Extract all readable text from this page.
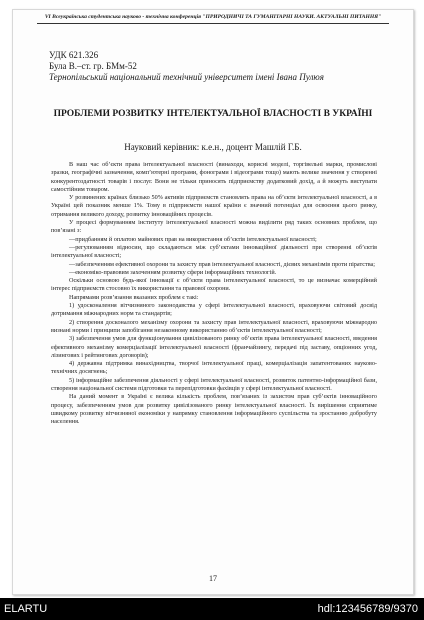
VI Всеукраїнська студентська науково - технічна конференція "ПРИРОДНИЧІ ТА ГУМАНІТАРНІ НАУКИ. АКТУАЛЬНІ ПИТАННЯ"
УДК 621.326
Була В.–ст. гр. БМм-52
Тернопільський національний технічний університет імені Івана Пулюя
ПРОБЛЕМИ РОЗВИТКУ ІНТЕЛЕКТУАЛЬНОЇ ВЛАСНОСТІ В УКРАЇНІ
Науковий керівник: к.е.н., доцент Машлій Г.Б.

В наш час об’єкти права інтелектуальної власності (винаходи, корисні моделі, торгівельні марки, промислові зразки, географічні зазначення, комп’ютерні програми, фонограми і відеограми тощо) мають велике значення у створенні конкурентоздатності товарів і послуг. Вони не тільки приносять підприємству додатковий дохід, а й можуть виступати самостійним товаром.

У розвинених країнах близько 50% активів підприємств становлять права на об’єкти інтелектуальної власності, а в Україні цей показник менше 1%. Тому в підприємств нашої країни є значний потенціал для освоєння цього ринку, отримання великого доходу, розвитку інноваційних процесів.

У процесі формуванням інституту інтелектуальної власності можна виділити ряд таких основних проблем, що пов’язані з:

—придбанням й оплатою майнових прав на використання об’єктів інтелектуальної власності;

—регулюванням відносин, що складаються між суб’єктами інноваційної діяльності при створенні об’єктів інтелектуальної власності;

—забезпеченням ефективної охорони та захисту прав інтелектуальної власності, дієвих механізмів проти піратства;

—економіко-правовим захоченням розвитку сфери інформаційних технологій.

Оскільки основою будь-якої інновації є об’єкти права інтелектуальної власності, то це визначає комерційний інтерес підприємств стосовно їх використання та правової охорони.

Напрямами розв’язання вказаних проблем є такі:

1) удосконалення вітчизняного законодавства у сфері інтелектуальної власності, враховуючи світовий досвід дотримання міжнародних норм та стандартів;

2) створення досконалого механізму охорони та захисту прав інтелектуальної власності, враховуючи міжнародно визнані норми і принципи запобігання незаконному використанню об’єктів інтелектуальної власності;

3) забезпечення умов для функціонування цивілізованого ринку об’єктів права інтелектуальної власності, введення ефективного механізму комерціалізації інтелектуальної власності (франчайзингу, передачі під заставу, опціонних угод, лізингових і рейтингових договорів);

4) державна підтримка винахідництва, творчої інтелектуальної праці, комерціалізація запатентованих науково-технічних досягнень;

5) інформаційне забезпечення діяльності у сфері інтелектуальної власності, розвиток патентно-інформаційної бази, створення національної системи підготовки та перепідготовки фахівців у сфері інтелектуальної власності.

На даний момент в Україні є велика кількість проблем, пов’язаних із захистом прав суб’єктів інноваційного процесу, забезпеченням умов для розвитку цивілізованого ринку інтелектуальної власності. Їх вирішення сприятиме швидкому розвитку вітчизняної економіки у напрямку становлення інформаційного суспільства та зростанню добробуту населення.

17
ELARTU	hdl:123456789/9370
